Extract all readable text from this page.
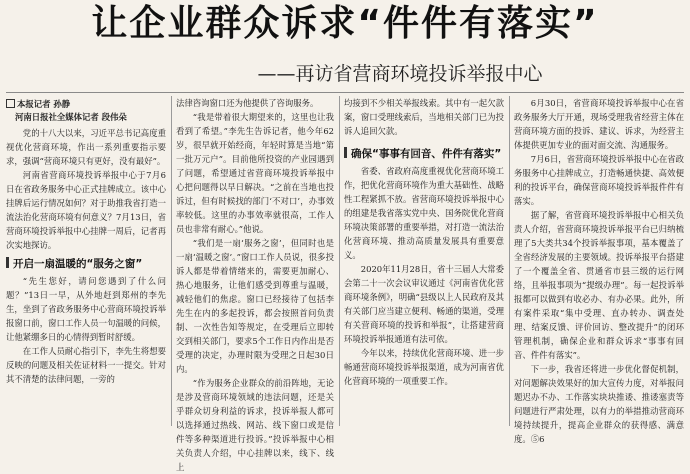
让企业群众诉求“件件有落实”
——再访省营商环境投诉举报中心
本报记者 孙静
河南日报社全媒体记者 段伟朵

党的十八大以来，习近平总书记高度重视优化营商环境，作出一系列重要指示要求，强调“营商环境只有更好，没有最好”。

河南省营商环境投诉举报中心于7月6日在省政务服务中心正式挂牌成立。该中心挂牌后运行情况如何？对于助推我省打造一流法治化营商环境有何意义？7月13日，省营商环境投诉举报中心挂牌一周后，记者再次实地探访。

开启一扇温暖的“服务之窗”

“先生您好，请问您遇到了什么问题？”13日一早，从外地赶到郑州的李先生，坐到了省政务服务中心营商环境投诉举报窗口前，窗口工作人员一句温暖的问候，让他紧绷多日的心情得到暂时舒缓。

在工作人员耐心指引下，李先生将想要反映的问题及相关佐证材料一一提交。针对其不清楚的法律问题，一旁的

法律咨询窗口还为他提供了咨询服务。

“我是带着很大期望来的，这里也让我看到了希望。”李先生告诉记者，他今年62岁，很早就开始经商，年轻时算是当地“第一批万元户”。目前他所投资的产业园遇到了问题，希望通过省营商环境投诉举报中心把问题得以早日解决。“之前在当地也投诉过，但有时候找的部门‘不对口’，办事效率较低。这里的办事效率就很高，工作人员也非常有耐心。”他说。

“我们是一扇‘服务之窗’，但同时也是一扇‘温暖之窗’。”窗口工作人员说，很多投诉人都是带着情绪来的，需要更加耐心、热心地服务，让他们感受到尊重与温暖，减轻他们的焦虑。窗口已经接待了包括李先生在内的多起投诉，都会按照首问负责制、一次性告知等规定，在受理后立即转交到相关部门，要求5个工作日内作出是否受理的决定，办理时限为受理之日起30日内。

“作为服务企业群众的前沿阵地，无论是涉及营商环境领域的违法问题，还是关乎群众切身利益的诉求，投诉举报人都可以选择通过热线、网站、线下窗口或是信件等多种渠道进行投诉。”投诉举报中心相关负责人介绍，中心挂牌以来，线下、线上

均接到不少相关举报线索。其中有一起欠款案，窗口受理线索后，当地相关部门已为投诉人追回欠款。

确保“事事有回音、件件有落实”

省委、省政府高度重视优化营商环境工作，把优化营商环境作为重大基础性、战略性工程紧抓不放。省营商环境投诉举报中心的组建是我省落实党中央、国务院优化营商环境决策部署的重要举措，对打造一流法治化营商环境、推动高质量发展具有重要意义。

2020年11月28日，省十三届人大常委会第二十一次会议审议通过《河南省优化营商环境条例》，明确“县级以上人民政府及其有关部门应当建立便利、畅通的渠道，受理有关营商环境的投诉和举报”，让搭建营商环境投诉举报通道有法可依。

今年以来，持续优化营商环境、进一步畅通营商环境投诉举报渠道，成为河南省优化营商环境的一项重要工作。

6月30日，省营商环境投诉举报中心在省政务服务大厅开通，现场受理我省经营主体在营商环境方面的投诉、建议、诉求，为经营主体提供更加专业的面对面交流、沟通服务。

7月6日，省营商环境投诉举报中心在省政务服务中心挂牌成立，打造畅通快捷、高效便利的投诉平台，确保营商环境投诉举报件件有落实。

据了解，省营商环境投诉举报中心相关负责人介绍，省营商环境投诉举报平台已归纳梳理了5大类共34个投诉举报事项，基本覆盖了全省经济发展的主要领域。投诉举报平台搭建了一个覆盖全省、贯通省市县三级的运行网络，且举报事项为“提级办理”。每一起投诉举报都可以做到有收必办、有办必果。此外，所有案件采取“集中受理、直办转办、调查处理、结案反馈、评价回访、整改提升”的闭环管理机制，确保企业和群众诉求“事事有回音、件件有落实”。

下一步，我省还将进一步优化督促机制，对问题解决效果好的加大宣传力度，对举报问题迟办不办、工作落实块块推诿、推诿塞责等问题进行严肃处理，以有力的举措推动营商环境持续提升，提高企业群众的获得感、满意度。⑤6
